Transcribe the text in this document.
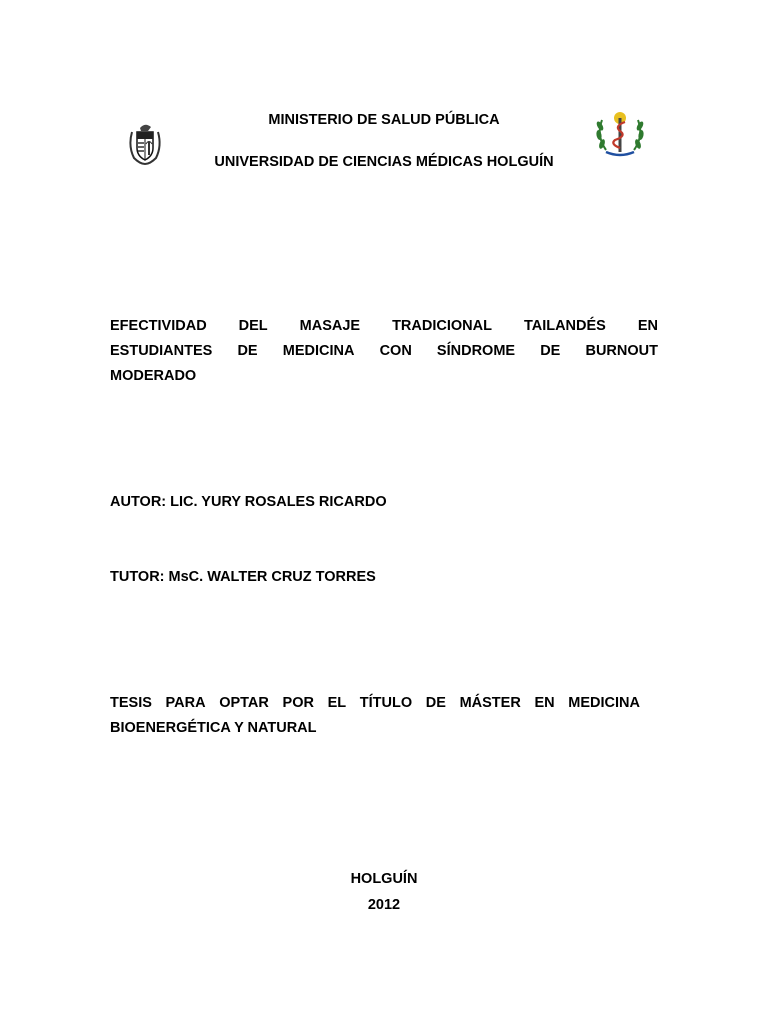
MINISTERIO DE SALUD PÚBLICA
UNIVERSIDAD DE CIENCIAS MÉDICAS HOLGUÍN
EFECTIVIDAD DEL MASAJE TRADICIONAL TAILANDÉS EN
ESTUDIANTES DE MEDICINA CON SÍNDROME DE BURNOUT
MODERADO
AUTOR: LIC. YURY ROSALES RICARDO
TUTOR: MsC. WALTER CRUZ TORRES
TESIS PARA OPTAR POR EL TÍTULO DE MÁSTER EN MEDICINA
BIOENERGÉTICA Y NATURAL
HOLGUÍN
2012
